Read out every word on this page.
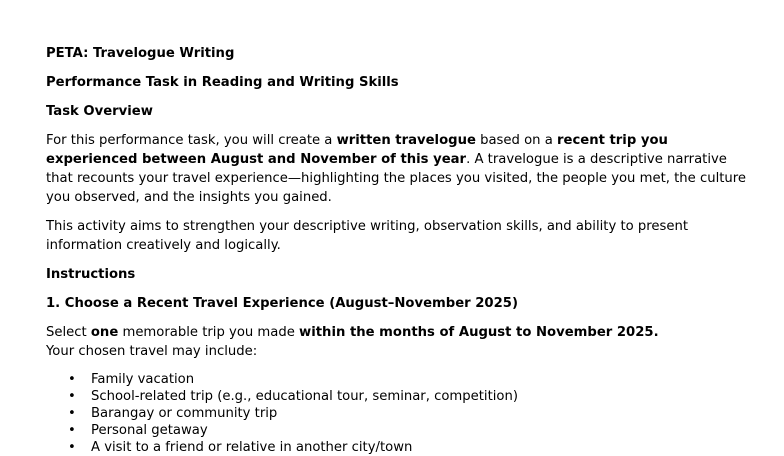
PETA: Travelogue Writing
Performance Task in Reading and Writing Skills
Task Overview

For this performance task, you will create a written travelogue based on a recent trip you experienced between August and November of this year. A travelogue is a descriptive narrative that recounts your travel experience—highlighting the places you visited, the people you met, the culture you observed, and the insights you gained.

This activity aims to strengthen your descriptive writing, observation skills, and ability to present information creatively and logically.

Instructions
1. Choose a Recent Travel Experience (August–November 2025)

Select one memorable trip you made within the months of August to November 2025.
Your chosen travel may include:

• Family vacation
• School-related trip (e.g., educational tour, seminar, competition)
• Barangay or community trip
• Personal getaway
• A visit to a friend or relative in another city/town
